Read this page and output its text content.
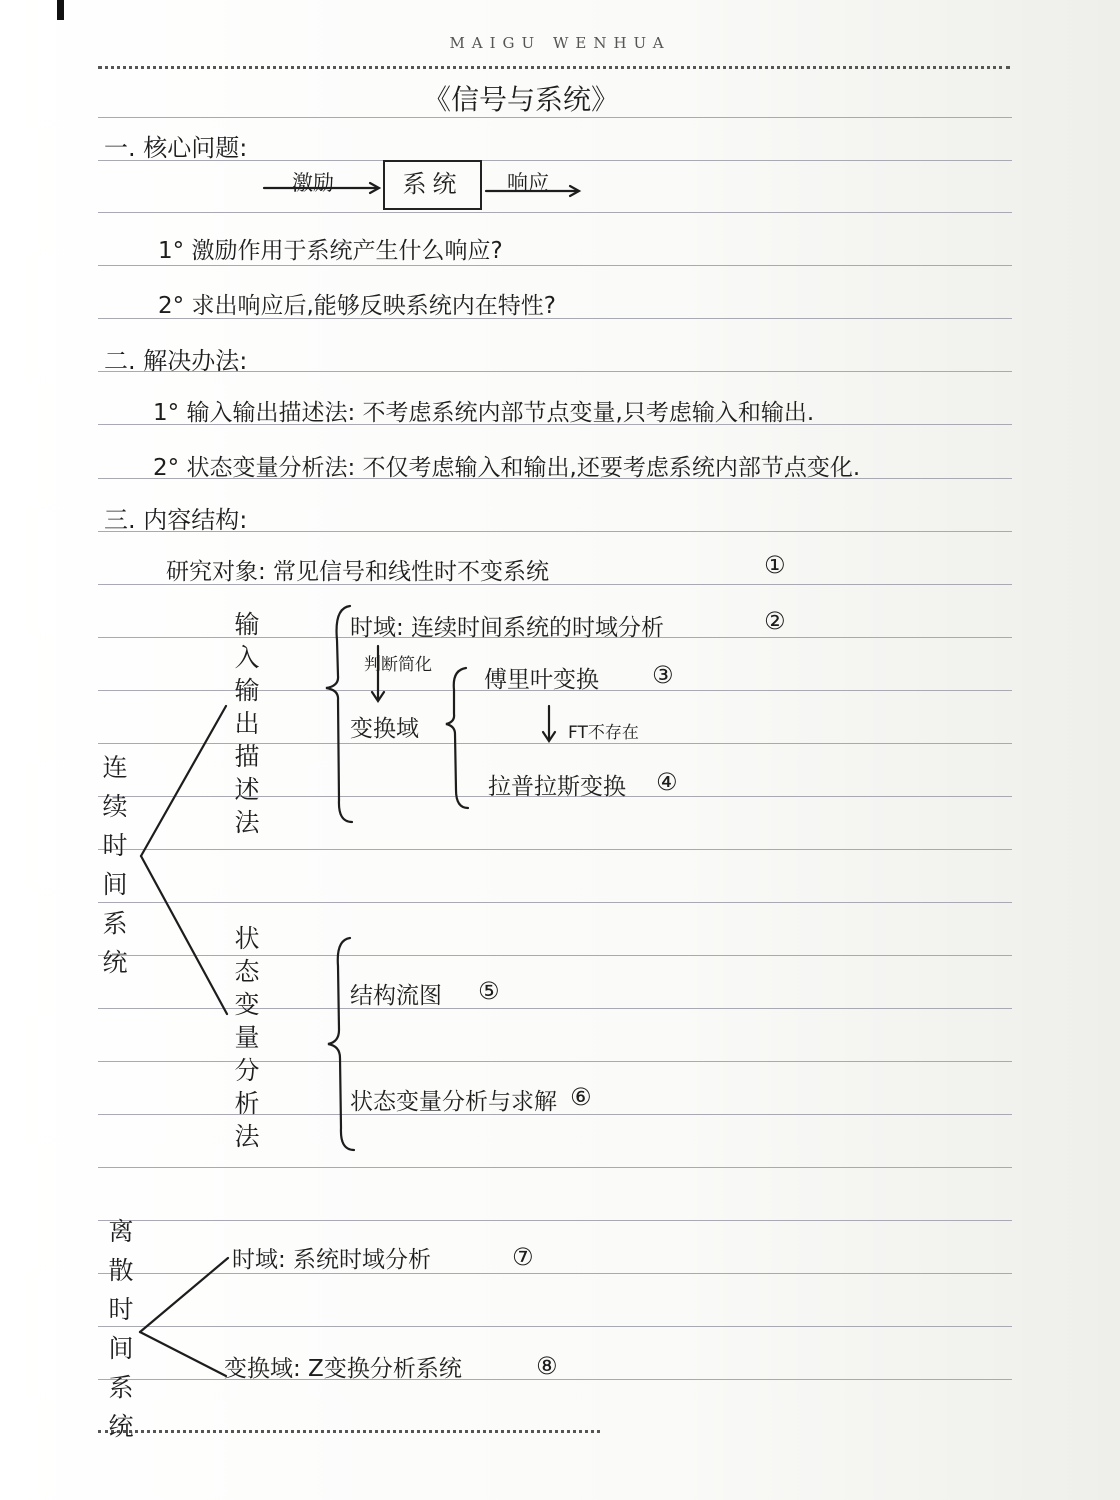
MAIGU WENHUA
《信号与系统》
一. 核心问题:
激励	系统	响应
1° 激励作用于系统产生什么响应?
2° 求出响应后,能够反映系统内在特性?
二. 解决办法:
1° 输入输出描述法: 不考虑系统内部节点变量,只考虑输入和输出.
2° 状态变量分析法: 不仅考虑输入和输出,还要考虑系统内部节点变化.
三. 内容结构:
研究对象: 常见信号和线性时不变系统	①
连续时间系统
输入输出描述法
状态变量分析法
时域: 连续时间系统的时域分析	②
判断简化
变换域
傅里叶变换 ③
FT不存在
拉普拉斯变换 ④
结构流图 ⑤
状态变量分析与求解 ⑥
离散时间系统
时域: 系统时域分析	⑦
变换域: Z变换分析系统	⑧
